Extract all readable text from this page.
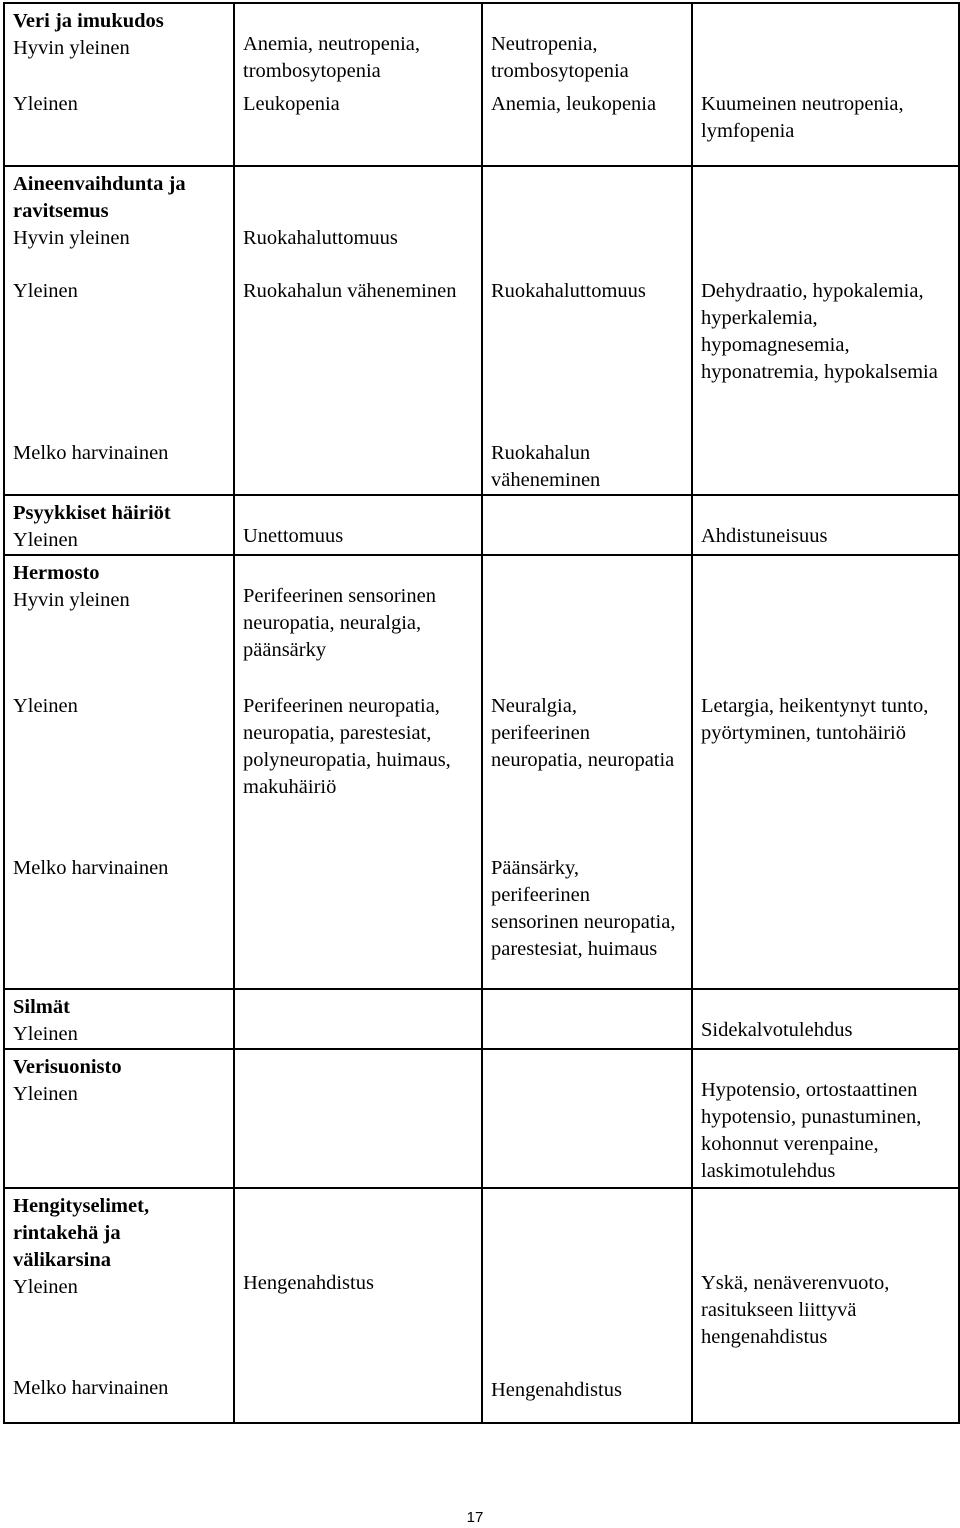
Veri ja imukudos
Hyvin yleinen	Anemia, neutropenia, trombosytopenia	Neutropenia, trombosytopenia	
Yleinen	Leukopenia	Anemia, leukopenia	Kuumeinen neutropenia, lymfopenia

Aineenvaihdunta ja ravitsemus
Hyvin yleinen	Ruokahaluttomuus		
Yleinen	Ruokahalun väheneminen	Ruokahaluttomuus	Dehydraatio, hypokalemia, hyperkalemia, hypomagnesemia, hyponatremia, hypokalsemia
Melko harvinainen		Ruokahalun väheneminen	

Psyykkiset häiriöt
Yleinen	Unettomuus		Ahdistuneisuus

Hermosto
Hyvin yleinen	Perifeerinen sensorinen neuropatia, neuralgia, päänsärky		
Yleinen	Perifeerinen neuropatia, neuropatia, parestesiat, polyneuropatia, huimaus, makuhäiriö	Neuralgia, perifeerinen neuropatia, neuropatia	Letargia, heikentynyt tunto, pyörtyminen, tuntohäiriö
Melko harvinainen		Päänsärky, perifeerinen sensorinen neuropatia, parestesiat, huimaus	

Silmät
Yleinen			Sidekalvotulehdus

Verisuonisto
Yleinen			Hypotensio, ortostaattinen hypotensio, punastuminen, kohonnut verenpaine, laskimotulehdus

Hengityselimet, rintakehä ja välikarsina
Yleinen	Hengenahdistus		Yskä, nenäverenvuoto, rasitukseen liittyvä hengenahdistus
Melko harvinainen		Hengenahdistus	
17
